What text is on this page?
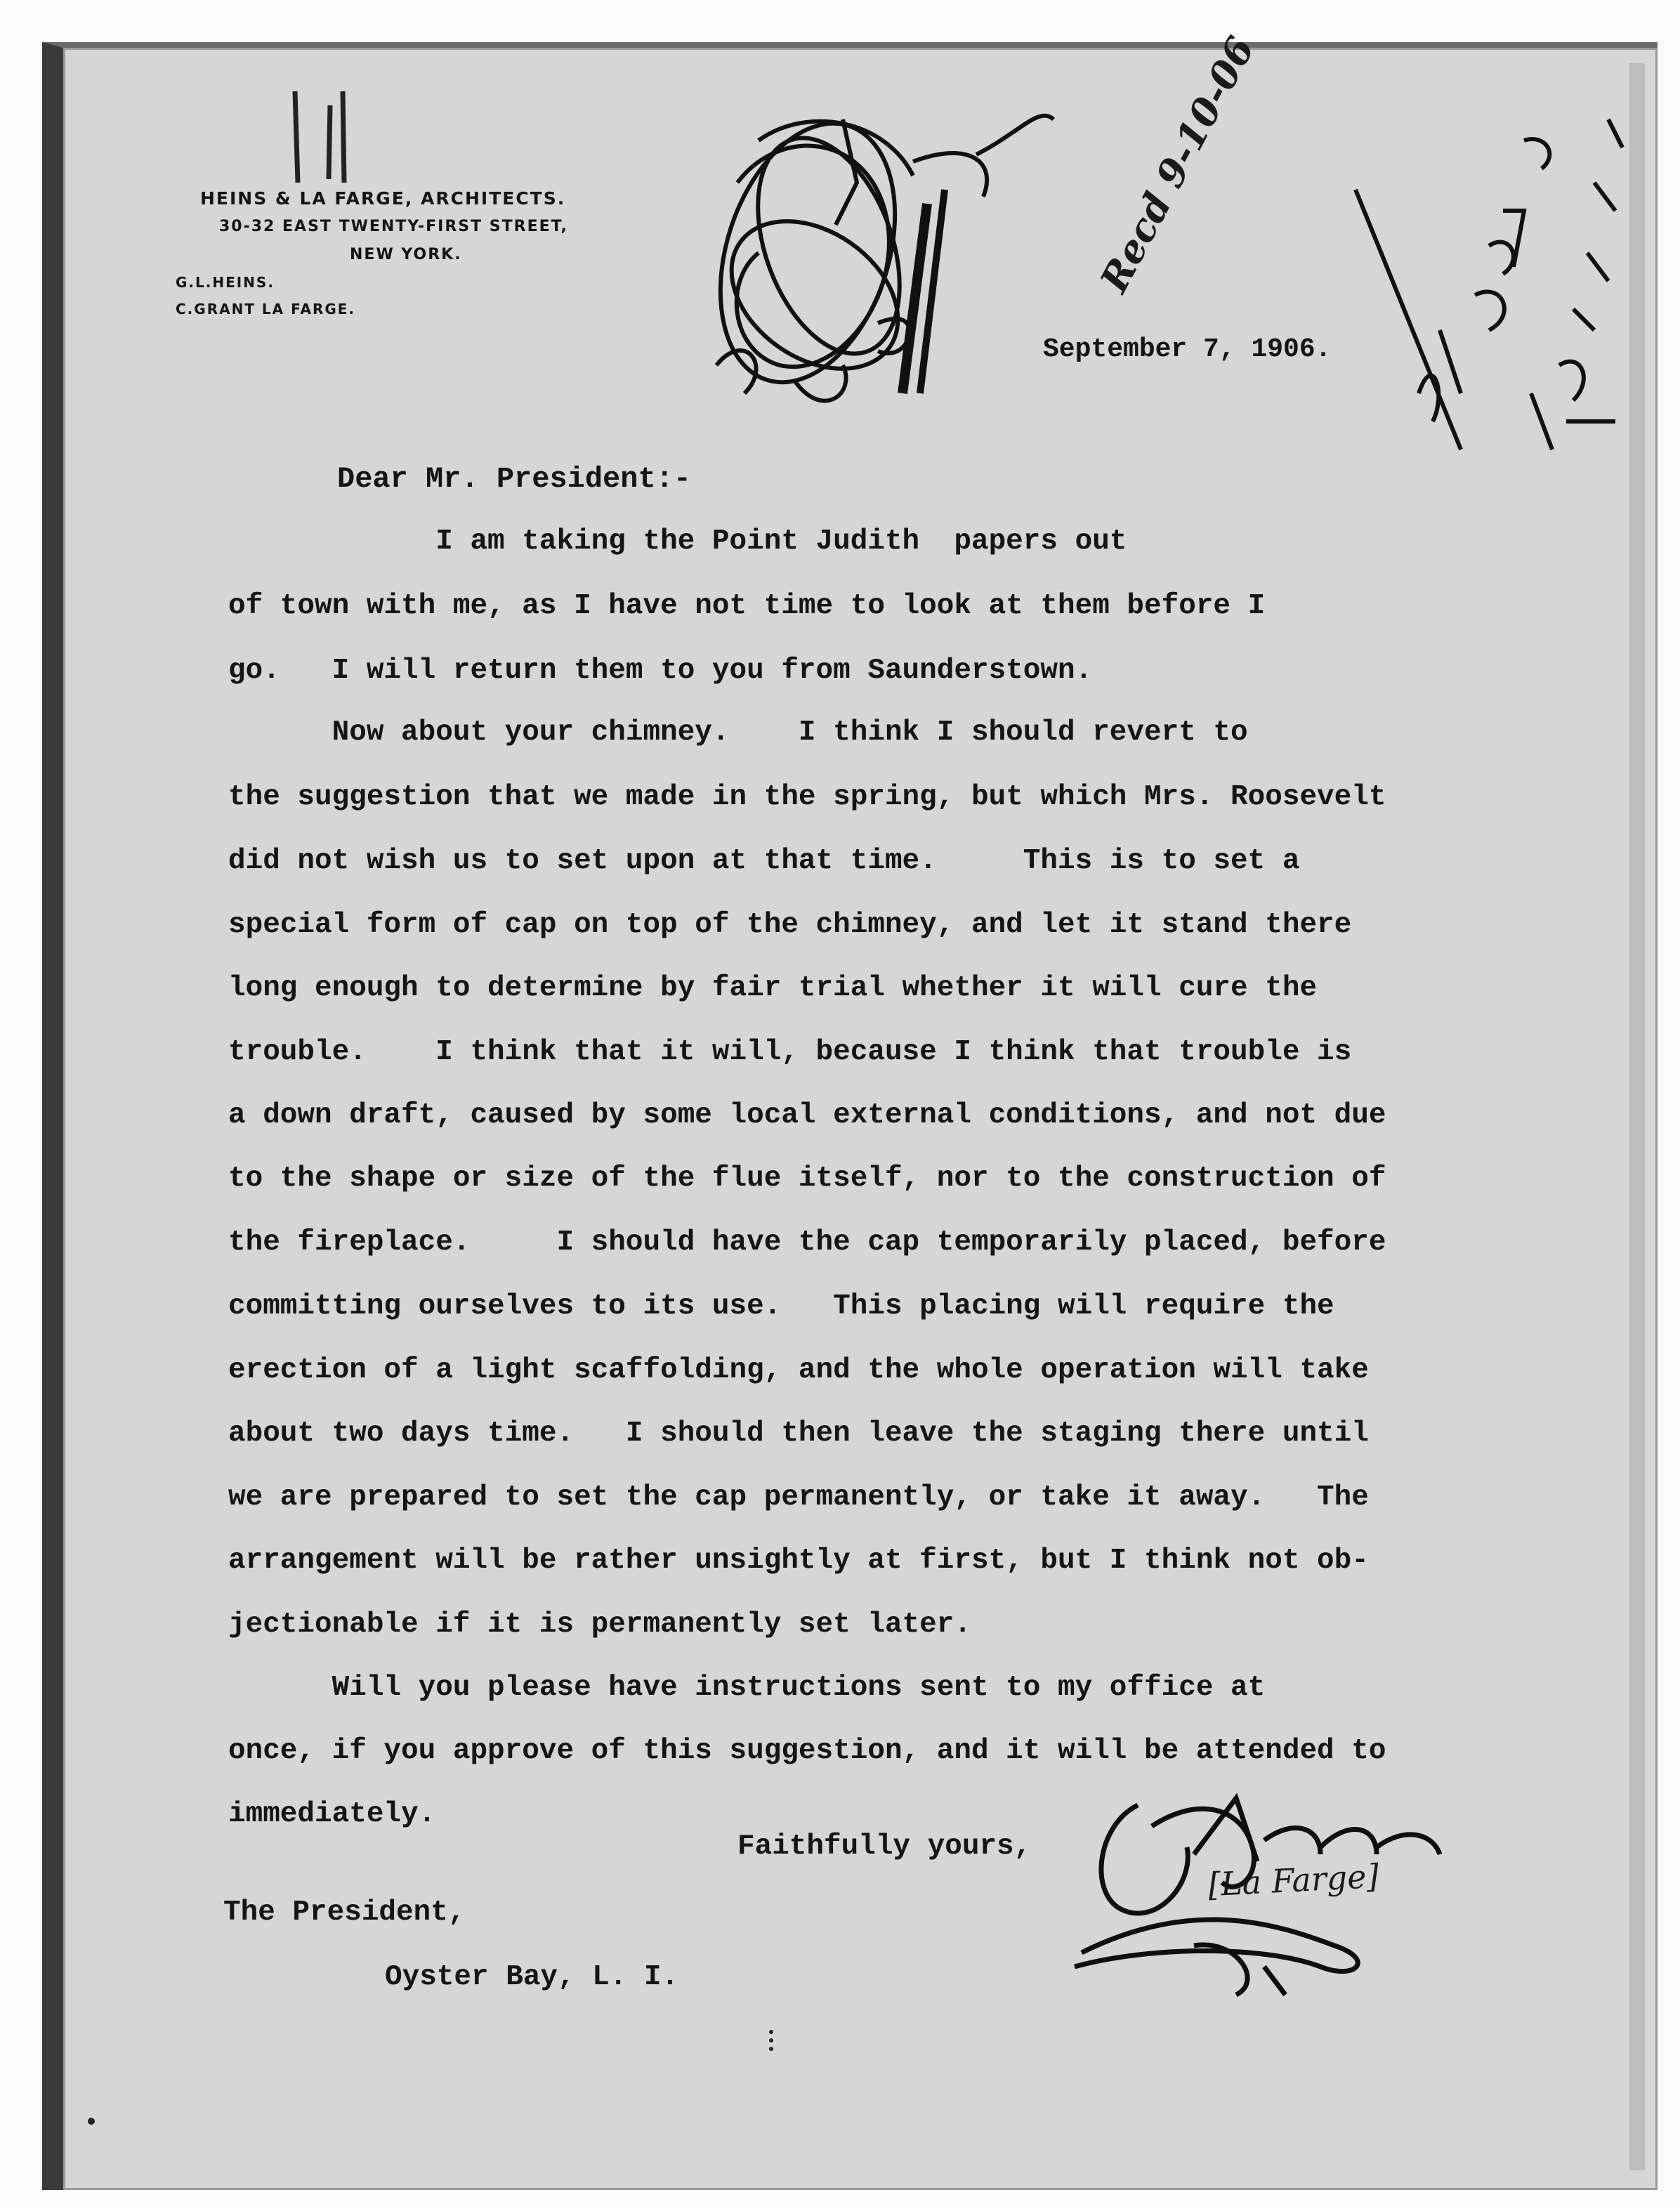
HEINS & LA FARGE, ARCHITECTS.
30-32 EAST TWENTY-FIRST STREET,
NEW YORK.
G.L.HEINS.
C.GRANT LA FARGE.
September 7, 1906.
Dear Mr. President:-
I am taking the Point Judith  papers out
of town with me, as I have not time to look at them before I
go.   I will return them to you from Saunderstown.
Now about your chimney.    I think I should revert to
the suggestion that we made in the spring, but which Mrs. Roosevelt
did not wish us to set upon at that time.     This is to set a
special form of cap on top of the chimney, and let it stand there
long enough to determine by fair trial whether it will cure the
trouble.    I think that it will, because I think that trouble is
a down draft, caused by some local external conditions, and not due
to the shape or size of the flue itself, nor to the construction of
the fireplace.     I should have the cap temporarily placed, before
committing ourselves to its use.   This placing will require the
erection of a light scaffolding, and the whole operation will take
about two days time.   I should then leave the staging there until
we are prepared to set the cap permanently, or take it away.   The
arrangement will be rather unsightly at first, but I think not ob-
jectionable if it is permanently set later.
Will you please have instructions sent to my office at
once, if you approve of this suggestion, and it will be attended to
immediately.
Faithfully yours,
The President,
Oyster Bay, L. I.
Recd 9-10-06
[La Farge]
